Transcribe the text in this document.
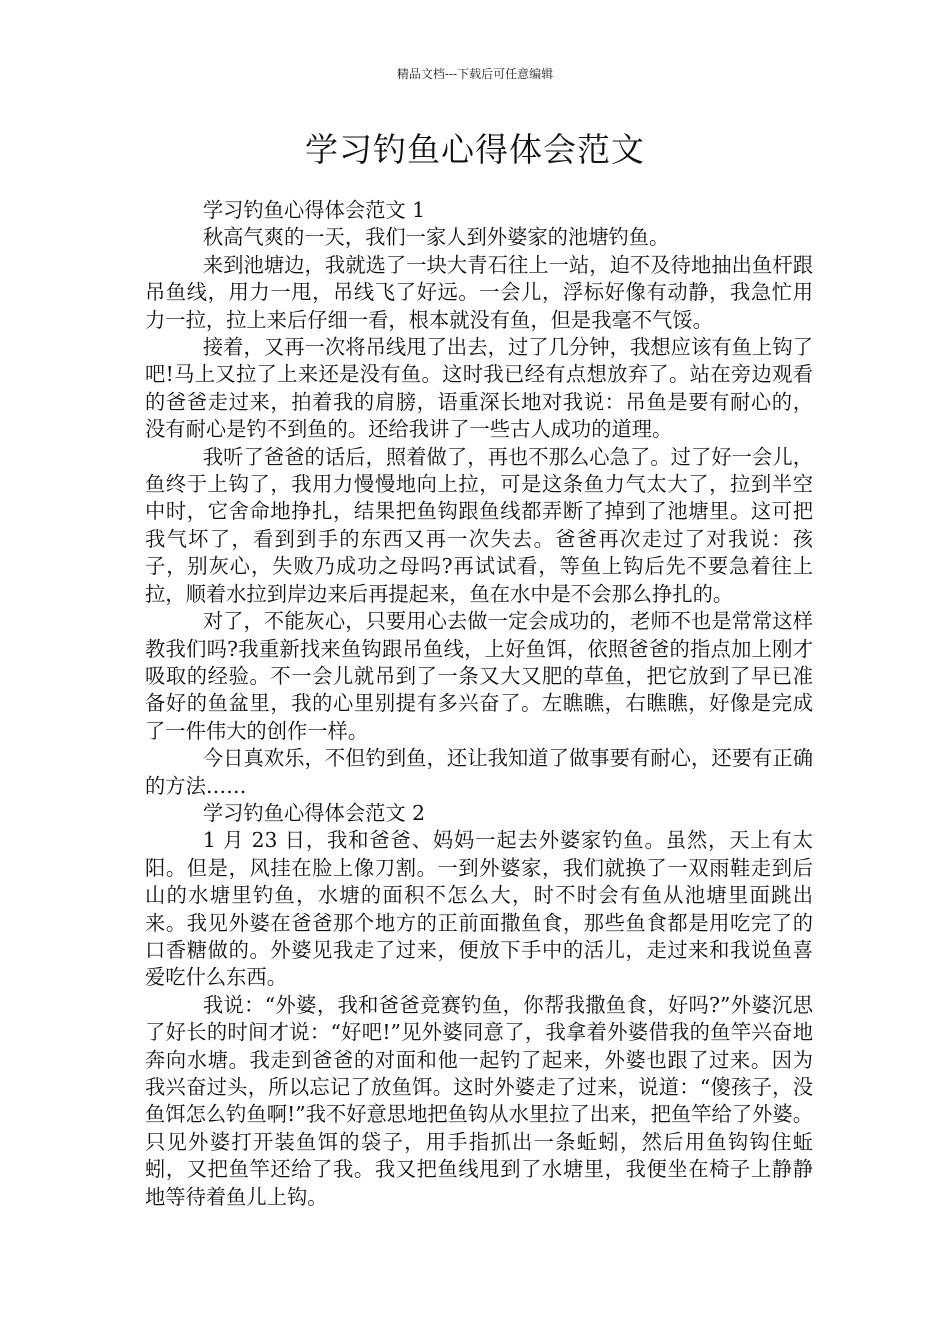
精品文档---下载后可任意编辑
学习钓鱼心得体会范文

学习钓鱼心得体会范文 1

秋高气爽的一天，我们一家人到外婆家的池塘钓鱼。

来到池塘边，我就选了一块大青石往上一站，迫不及待地抽出鱼杆跟吊鱼线，用力一甩，吊线飞了好远。一会儿，浮标好像有动静，我急忙用力一拉，拉上来后仔细一看，根本就没有鱼，但是我毫不气馁。

接着，又再一次将吊线甩了出去，过了几分钟，我想应该有鱼上钩了吧!马上又拉了上来还是没有鱼。这时我已经有点想放弃了。站在旁边观看的爸爸走过来，拍着我的肩膀，语重深长地对我说：吊鱼是要有耐心的，没有耐心是钓不到鱼的。还给我讲了一些古人成功的道理。

我听了爸爸的话后，照着做了，再也不那么心急了。过了好一会儿，鱼终于上钩了，我用力慢慢地向上拉，可是这条鱼力气太大了，拉到半空中时，它舍命地挣扎，结果把鱼钩跟鱼线都弄断了掉到了池塘里。这可把我气坏了，看到到手的东西又再一次失去。爸爸再次走过了对我说：孩子，别灰心，失败乃成功之母吗?再试试看，等鱼上钩后先不要急着往上拉，顺着水拉到岸边来后再提起来，鱼在水中是不会那么挣扎的。

对了，不能灰心，只要用心去做一定会成功的，老师不也是常常这样教我们吗?我重新找来鱼钩跟吊鱼线，上好鱼饵，依照爸爸的指点加上刚才吸取的经验。不一会儿就吊到了一条又大又肥的草鱼，把它放到了早已准备好的鱼盆里，我的心里别提有多兴奋了。左瞧瞧，右瞧瞧，好像是完成了一件伟大的创作一样。

今日真欢乐，不但钓到鱼，还让我知道了做事要有耐心，还要有正确的方法……

学习钓鱼心得体会范文 2

1 月 23 日，我和爸爸、妈妈一起去外婆家钓鱼。虽然，天上有太阳。但是，风挂在脸上像刀割。一到外婆家，我们就换了一双雨鞋走到后山的水塘里钓鱼，水塘的面积不怎么大，时不时会有鱼从池塘里面跳出来。我见外婆在爸爸那个地方的正前面撒鱼食，那些鱼食都是用吃完了的口香糖做的。外婆见我走了过来，便放下手中的活儿，走过来和我说鱼喜爱吃什么东西。

我说：“外婆，我和爸爸竞赛钓鱼，你帮我撒鱼食，好吗?”外婆沉思了好长的时间才说：“好吧!”见外婆同意了，我拿着外婆借我的鱼竿兴奋地奔向水塘。我走到爸爸的对面和他一起钓了起来，外婆也跟了过来。因为我兴奋过头，所以忘记了放鱼饵。这时外婆走了过来，说道：“傻孩子，没鱼饵怎么钓鱼啊!”我不好意思地把鱼钩从水里拉了出来，把鱼竿给了外婆。只见外婆打开装鱼饵的袋子，用手指抓出一条蚯蚓，然后用鱼钩钩住蚯蚓，又把鱼竿还给了我。我又把鱼线甩到了水塘里，我便坐在椅子上静静地等待着鱼儿上钩。
